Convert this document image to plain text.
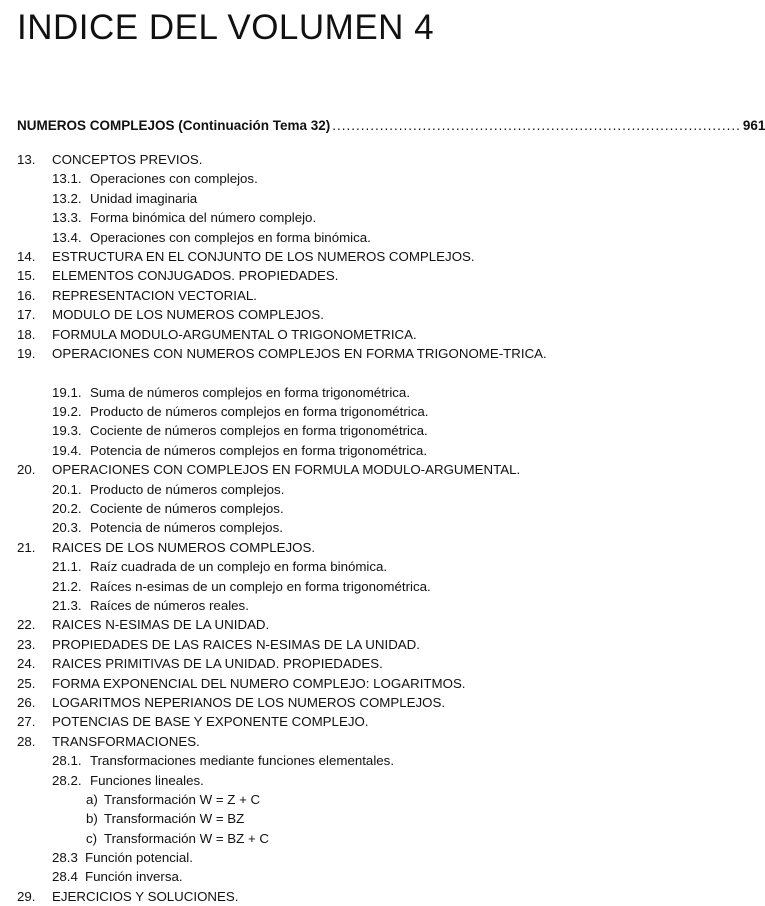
INDICE DEL VOLUMEN 4
NUMEROS COMPLEJOS (Continuación Tema 32) ...................................................................................... 961
13. CONCEPTOS PREVIOS.
13.1. Operaciones con complejos.
13.2. Unidad imaginaria
13.3. Forma binómica del número complejo.
13.4. Operaciones con complejos en forma binómica.
14. ESTRUCTURA EN EL CONJUNTO DE LOS NUMEROS COMPLEJOS.
15. ELEMENTOS CONJUGADOS. PROPIEDADES.
16. REPRESENTACION VECTORIAL.
17. MODULO DE LOS NUMEROS COMPLEJOS.
18. FORMULA MODULO-ARGUMENTAL O TRIGONOMETRICA.
19. OPERACIONES CON NUMEROS COMPLEJOS EN FORMA TRIGONOME-TRICA.
19.1. Suma de números complejos en forma trigonométrica.
19.2. Producto de números complejos en forma trigonométrica.
19.3. Cociente de números complejos en forma trigonométrica.
19.4. Potencia de números complejos en forma trigonométrica.
20. OPERACIONES CON COMPLEJOS EN FORMULA MODULO-ARGUMENTAL.
20.1. Producto de números complejos.
20.2. Cociente de números complejos.
20.3. Potencia de números complejos.
21. RAICES DE LOS NUMEROS COMPLEJOS.
21.1. Raíz cuadrada de un complejo en forma binómica.
21.2. Raíces n-esimas de un complejo en forma trigonométrica.
21.3. Raíces de números reales.
22. RAICES N-ESIMAS DE LA UNIDAD.
23. PROPIEDADES DE LAS RAICES N-ESIMAS DE LA UNIDAD.
24. RAICES PRIMITIVAS DE LA UNIDAD. PROPIEDADES.
25. FORMA EXPONENCIAL DEL NUMERO COMPLEJO: LOGARITMOS.
26. LOGARITMOS NEPERIANOS DE LOS NUMEROS COMPLEJOS.
27. POTENCIAS DE BASE Y EXPONENTE COMPLEJO.
28. TRANSFORMACIONES.
28.1. Transformaciones mediante funciones elementales.
28.2. Funciones lineales.
a) Transformación W = Z + C
b) Transformación W = BZ
c) Transformación W = BZ + C
28.3 Función potencial.
28.4 Función inversa.
29. EJERCICIOS Y SOLUCIONES.
